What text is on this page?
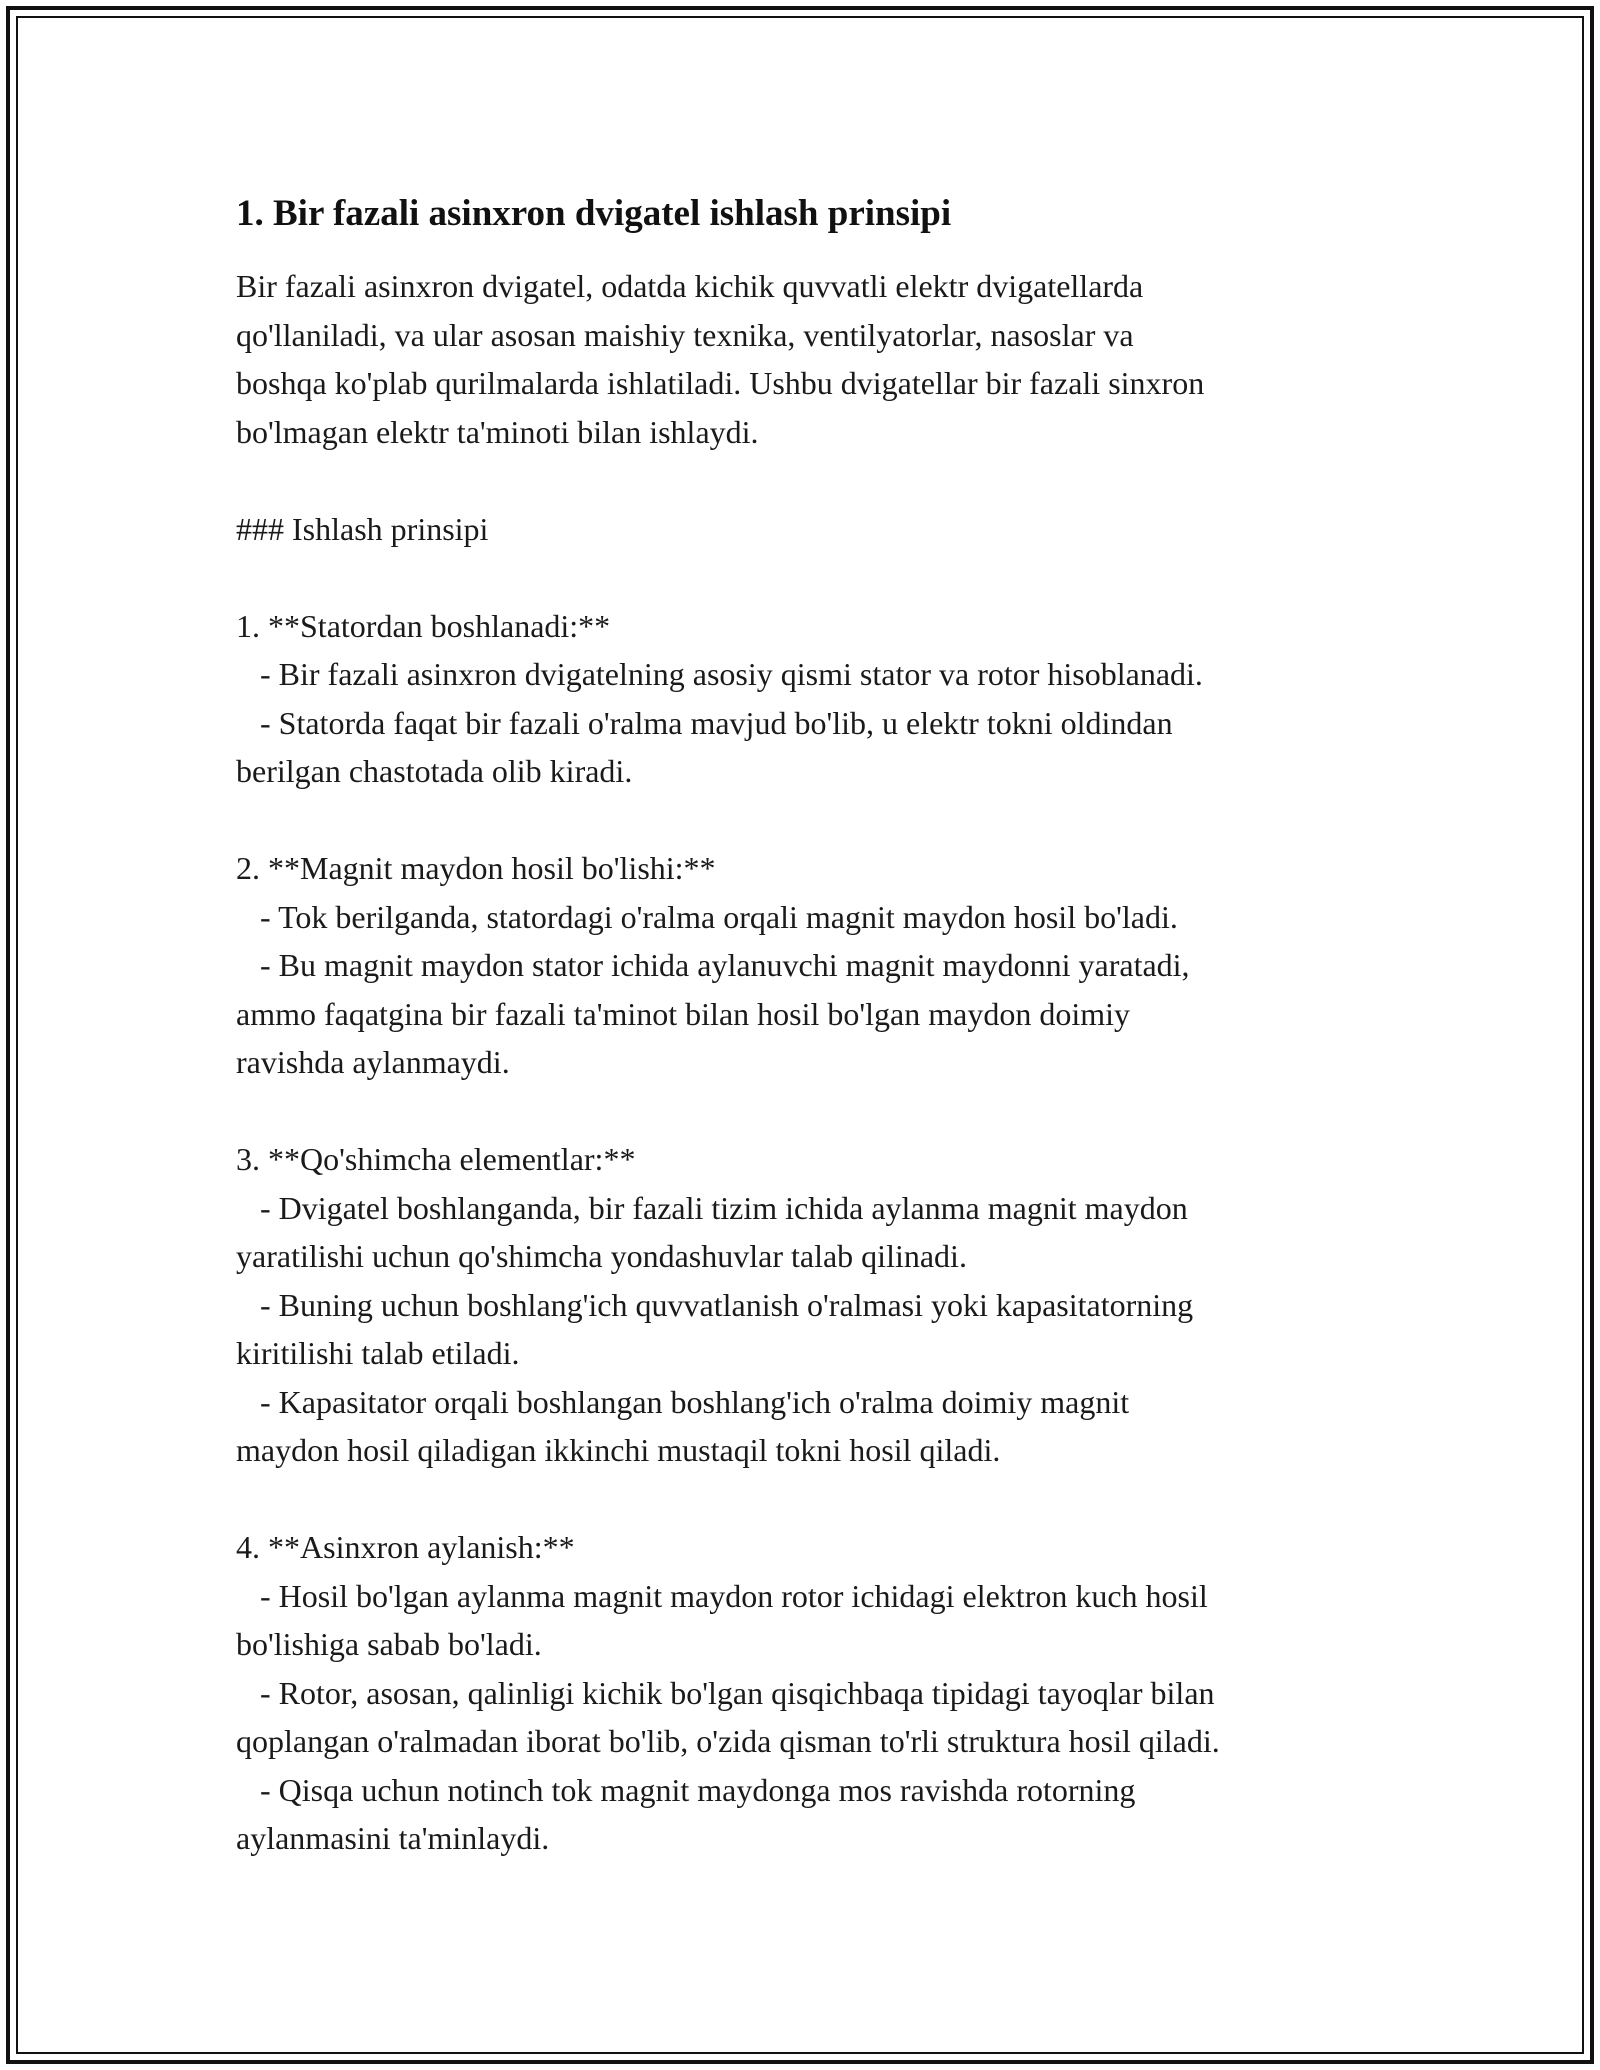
1. Bir fazali asinxron dvigatel ishlash prinsipi
Bir fazali asinxron dvigatel, odatda kichik quvvatli elektr dvigatellarda
qo'llaniladi, va ular asosan maishiy texnika, ventilyatorlar, nasoslar va
boshqa ko'plab qurilmalarda ishlatiladi. Ushbu dvigatellar bir fazali sinxron
bo'lmagan elektr ta'minoti bilan ishlaydi.
### Ishlash prinsipi
1. **Statordan boshlanadi:**
- Bir fazali asinxron dvigatelning asosiy qismi stator va rotor hisoblanadi.
- Statorda faqat bir fazali o'ralma mavjud bo'lib, u elektr tokni oldindan
berilgan chastotada olib kiradi.
2. **Magnit maydon hosil bo'lishi:**
- Tok berilganda, statordagi o'ralma orqali magnit maydon hosil bo'ladi.
- Bu magnit maydon stator ichida aylanuvchi magnit maydonni yaratadi,
ammo faqatgina bir fazali ta'minot bilan hosil bo'lgan maydon doimiy
ravishda aylanmaydi.
3. **Qo'shimcha elementlar:**
- Dvigatel boshlanganda, bir fazali tizim ichida aylanma magnit maydon
yaratilishi uchun qo'shimcha yondashuvlar talab qilinadi.
- Buning uchun boshlang'ich quvvatlanish o'ralmasi yoki kapasitatorning
kiritilishi talab etiladi.
- Kapasitator orqali boshlangan boshlang'ich o'ralma doimiy magnit
maydon hosil qiladigan ikkinchi mustaqil tokni hosil qiladi.
4. **Asinxron aylanish:**
- Hosil bo'lgan aylanma magnit maydon rotor ichidagi elektron kuch hosil
bo'lishiga sabab bo'ladi.
- Rotor, asosan, qalinligi kichik bo'lgan qisqichbaqa tipidagi tayoqlar bilan
qoplangan o'ralmadan iborat bo'lib, o'zida qisman to'rli struktura hosil qiladi.
- Qisqa uchun notinch tok magnit maydonga mos ravishda rotorning
aylanmasini ta'minlaydi.
